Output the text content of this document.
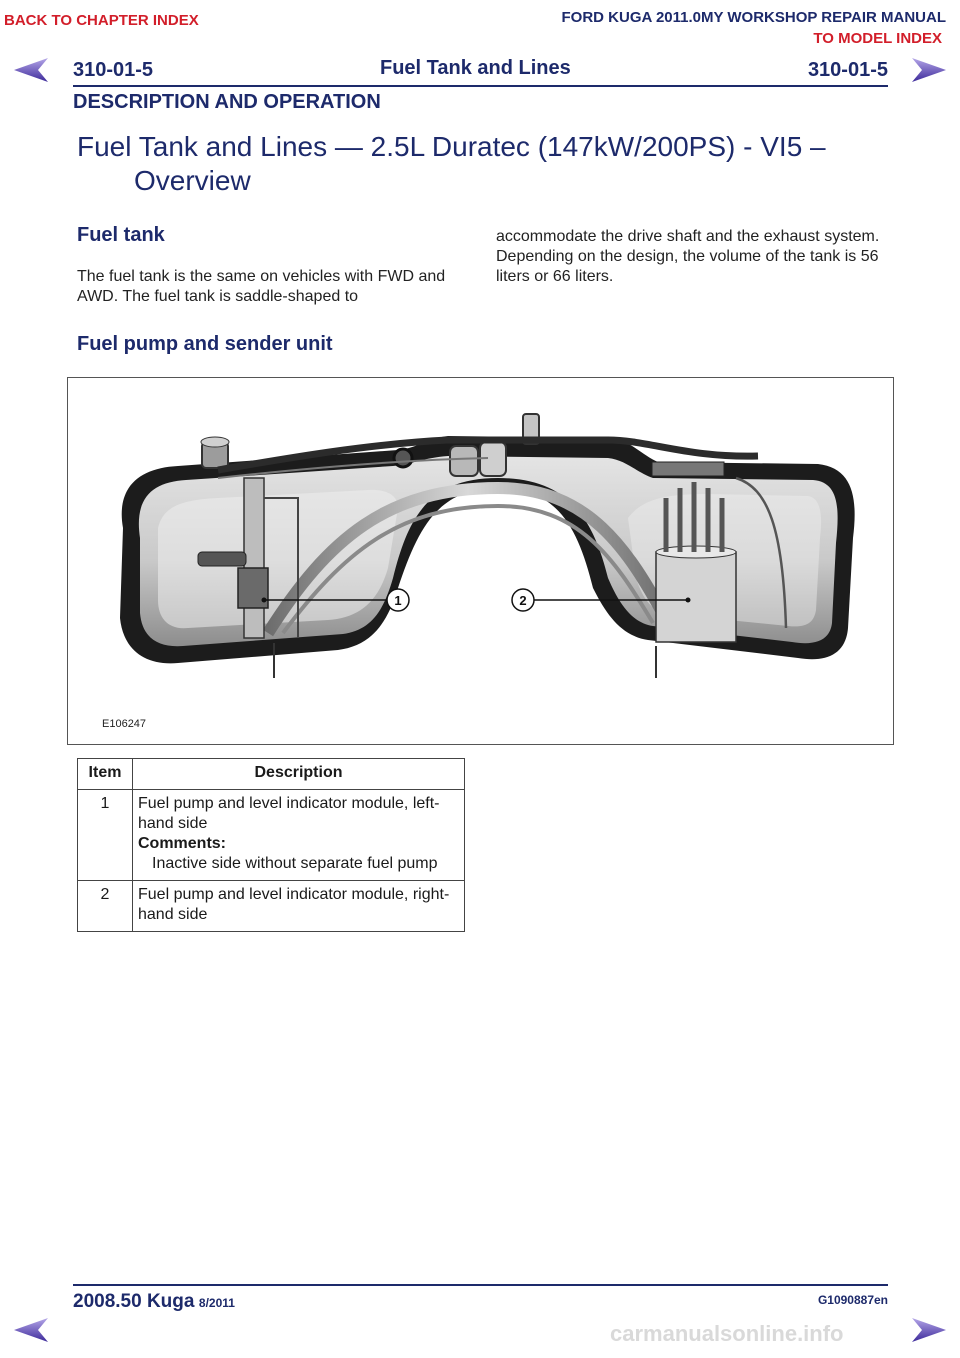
BACK TO CHAPTER INDEX	FORD KUGA 2011.0MY WORKSHOP REPAIR MANUAL
TO MODEL INDEX
310-01-5	Fuel Tank and Lines	310-01-5
DESCRIPTION AND OPERATION
Fuel Tank and Lines — 2.5L Duratec (147kW/200PS) - VI5 –
Overview
Fuel tank
The fuel tank is the same on vehicles with FWD and AWD. The fuel tank is saddle-shaped to
accommodate the drive shaft and the exhaust system. Depending on the design, the volume of the tank is 56 liters or 66 liters.
Fuel pump and sender unit
1	2
E106247
Item	Description
1	Fuel pump and level indicator module, left-hand side
Comments:
Inactive side without separate fuel pump

2	Fuel pump and level indicator module, right-hand side
2008.50 Kuga 8/2011	G1090887en
carmanualsonline.info
